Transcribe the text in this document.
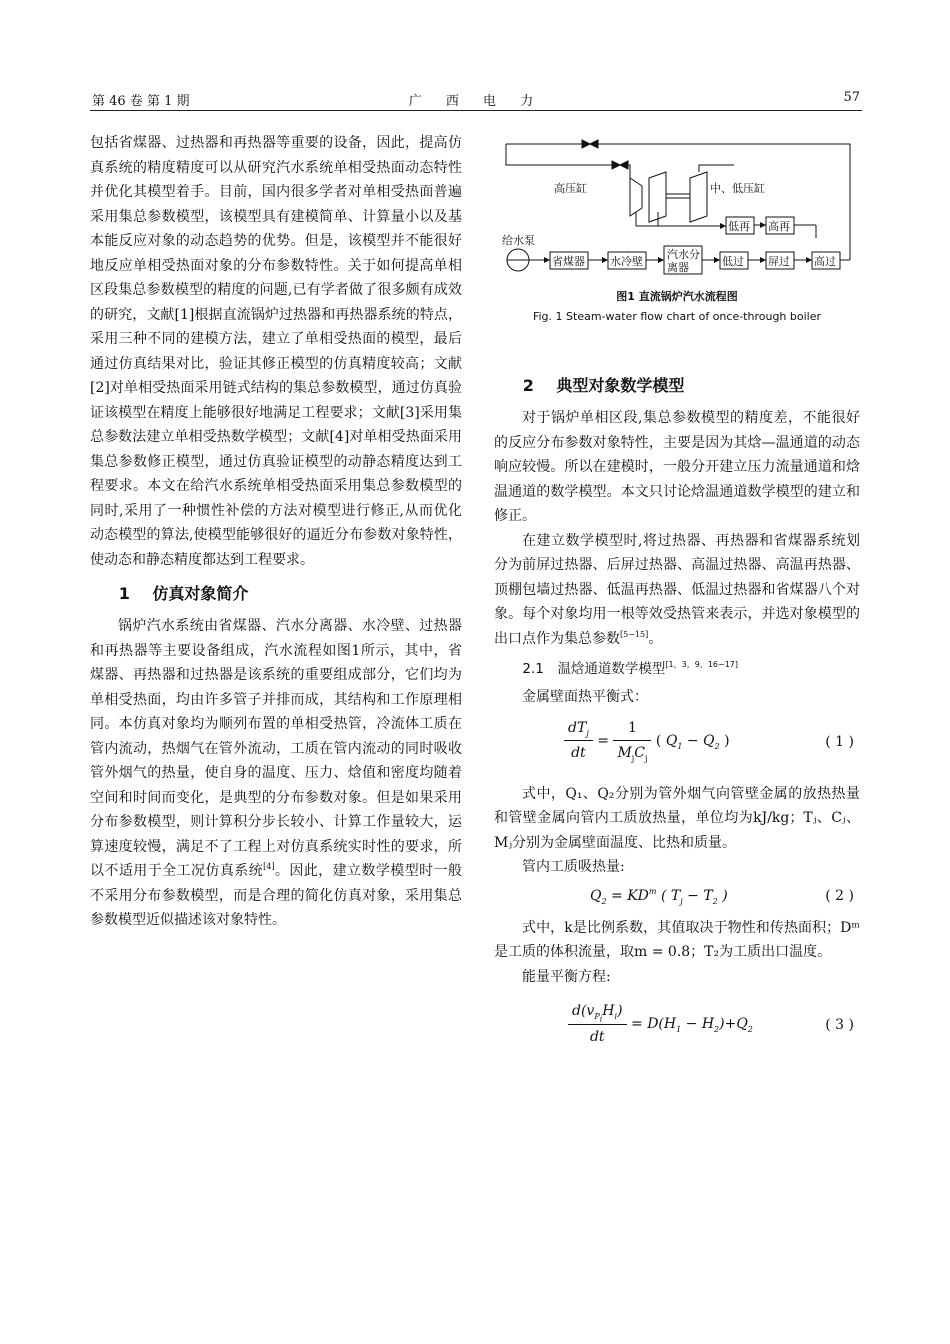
第 46 卷 第 1 期	广 西 电 力	57

包括省煤器、过热器和再热器等重要的设备，因此，提高仿真系统的精度精度可以从研究汽水系统单相受热面动态特性并优化其模型着手。目前，国内很多学者对单相受热面普遍采用集总参数模型，该模型具有建模简单、计算量小以及基本能反应对象的动态趋势的优势。但是，该模型并不能很好地反应单相受热面对象的分布参数特性。关于如何提高单相区段集总参数模型的精度的问题,已有学者做了很多颇有成效的研究，文献[1]根据直流锅炉过热器和再热器系统的特点，采用三种不同的建模方法，建立了单相受热面的模型，最后通过仿真结果对比，验证其修正模型的仿真精度较高；文献[2]对单相受热面采用链式结构的集总参数模型，通过仿真验证该模型在精度上能够很好地满足工程要求；文献[3]采用集总参数法建立单相受热数学模型；文献[4]对单相受热面采用集总参数修正模型，通过仿真验证模型的动静态精度达到工程要求。本文在给汽水系统单相受热面采用集总参数模型的同时,采用了一种惯性补偿的方法对模型进行修正,从而优化动态模型的算法,使模型能够很好的逼近分布参数对象特性，使动态和静态精度都达到工程要求。

1 仿真对象简介

锅炉汽水系统由省煤器、汽水分离器、水冷壁、过热器和再热器等主要设备组成，汽水流程如图1所示，其中，省煤器、再热器和过热器是该系统的重要组成部分，它们均为单相受热面，均由许多管子并排而成，其结构和工作原理相同。本仿真对象均为顺列布置的单相受热管，冷流体工质在管内流动，热烟气在管外流动，工质在管内流动的同时吸收管外烟气的热量，使自身的温度、压力、焓值和密度均随着空间和时间而变化，是典型的分布参数对象。但是如果采用分布参数模型，则计算积分步长较小、计算工作量较大，运算速度较慢，满足不了工程上对仿真系统实时性的要求，所以不适用于全工况仿真系统[4]。因此，建立数学模型时一般不采用分布参数模型，而是合理的简化仿真对象，采用集总参数模型近似描述该对象特性。

高压缸	中、低压缸
给水泵
低再 高再
省煤器 水冷壁
汽水分
离器	低过 屏过 高过
图1 直流锅炉汽水流程图
Fig. 1 Steam-water flow chart of once-through boiler
2 典型对象数学模型

对于锅炉单相区段,集总参数模型的精度差，不能很好的反应分布参数对象特性，主要是因为其焓—温通道的动态响应较慢。所以在建模时，一般分开建立压力流量通道和焓温通道的数学模型。本文只讨论焓温通道数学模型的建立和修正。

在建立数学模型时,将过热器、再热器和省煤器系统划分为前屏过热器、后屏过热器、高温过热器、高温再热器、顶棚包墙过热器、低温再热器、低温过热器和省煤器八个对象。每个对象均用一根等效受热管来表示，并选对象模型的出口点作为集总参数[5−15]。

2.1 温焓通道数学模型[1，3，9，16−17]

金属壁面热平衡式：

$dT_j$
dt
=
1
$M_jC_j$
( $Q_1 - Q_2$ )	( 1 )

式中，Q₁、Q₂分别为管外烟气向管壁金属的放热热量和管壁金属向管内工质放热量，单位均为kJ/kg；Tⱼ、Cⱼ、Mⱼ分别为金属壁面温度、比热和质量。

管内工质吸热量:

$Q_2 = KD^m$ ( $T_j - T_2$ )	( 2 )

式中，k是比例系数，其值取决于物性和传热面积；Dᵐ是工质的体积流量，取m = 0.8；T₂为工质出口温度。

能量平衡方程:

$d(v_{P_i}H_i)$
dt
= $D(H_1 - H_2)+Q_2$	( 3 )
